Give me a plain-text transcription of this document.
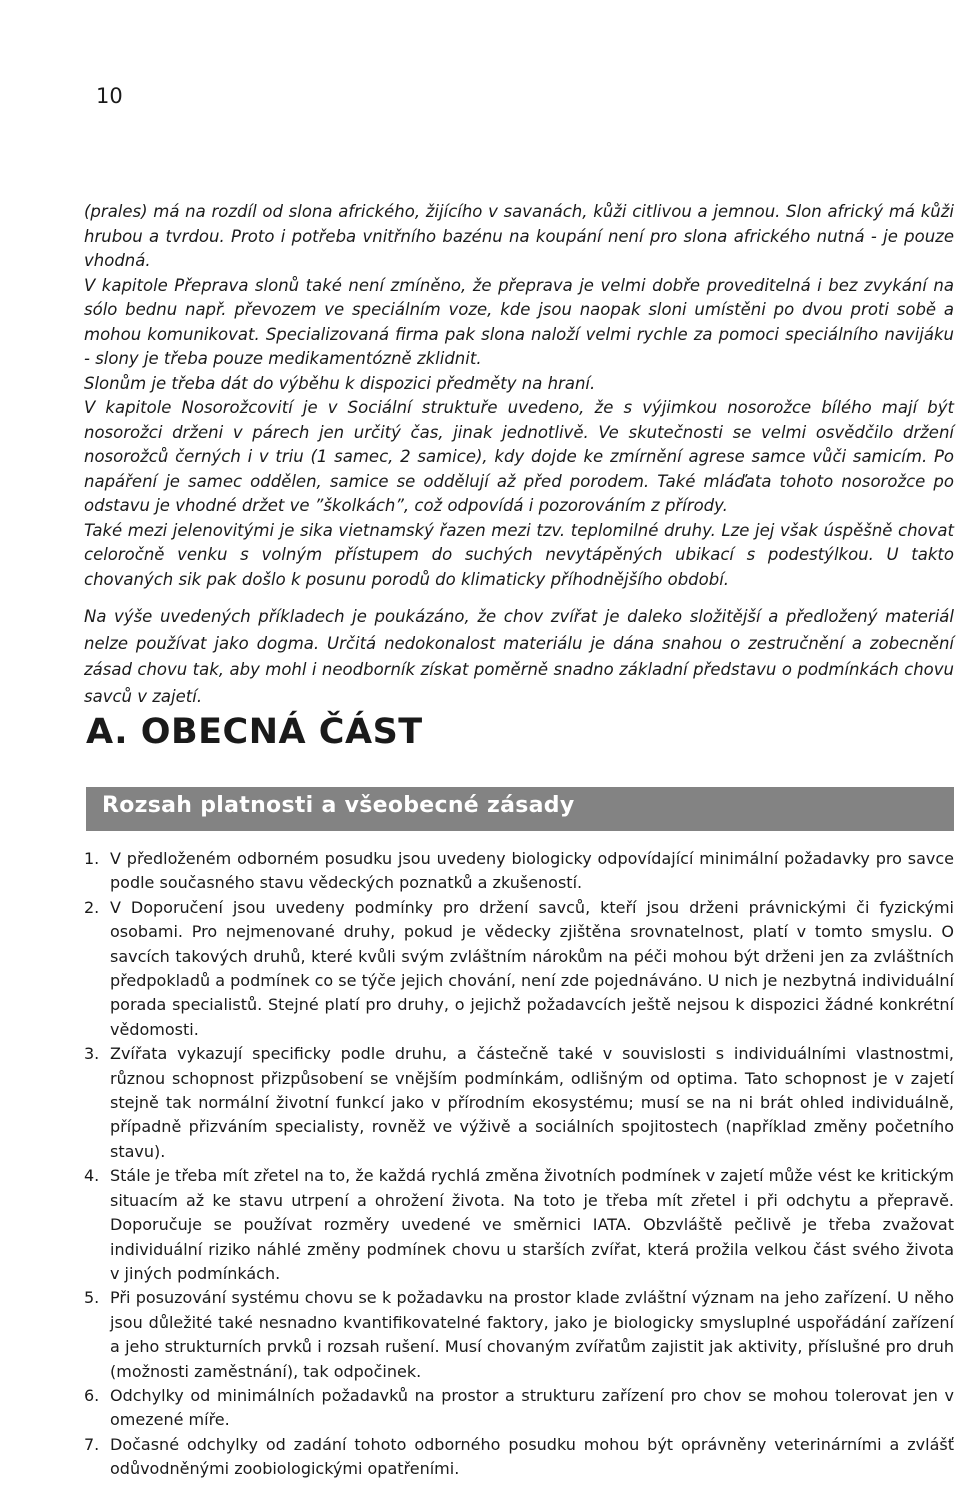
10

(prales) má na rozdíl od slona afrického, žijícího v savanách, kůži citlivou a jemnou. Slon africký má kůži hrubou a tvrdou. Proto i potřeba vnitřního bazénu na koupání není pro slona afrického nutná - je pouze vhodná.

V kapitole Přeprava slonů také není zmíněno, že přeprava je velmi dobře proveditelná i bez zvykání na sólo bednu např. převozem ve speciálním voze, kde jsou naopak sloni umístěni po dvou proti sobě a mohou komunikovat. Specializovaná firma pak slona naloží velmi rychle za pomoci speciálního navijáku - slony je třeba pouze medikamentózně zklidnit.

Slonům je třeba dát do výběhu k dispozici předměty na hraní.

V kapitole Nosorožcovití je v Sociální struktuře uvedeno, že s výjimkou nosorožce bílého mají být nosorožci drženi v párech jen určitý čas, jinak jednotlivě. Ve skutečnosti se velmi osvědčilo držení nosorožců černých i v triu (1 samec, 2 samice), kdy dojde ke zmírnění agrese samce vůči samicím. Po napáření je samec oddělen, samice se oddělují až před porodem. Také mláďata tohoto nosorožce po odstavu je vhodné držet ve ”školkách”, což odpovídá i pozorováním z přírody.

Také mezi jelenovitými je sika vietnamský řazen mezi tzv. teplomilné druhy. Lze jej však úspěšně chovat celoročně venku s volným přístupem do suchých nevytápěných ubikací s podestýlkou. U takto chovaných sik pak došlo k posunu porodů do klimaticky příhodnějšího období.

Na výše uvedených příkladech je poukázáno, že chov zvířat je daleko složitější a předložený materiál nelze používat jako dogma. Určitá nedokonalost materiálu je dána snahou o zestručnění a zobecnění zásad chovu tak, aby mohl i neodborník získat poměrně snadno základní představu o podmínkách chovu savců v zajetí.

A. OBECNÁ ČÁST
Rozsah platnosti a všeobecné zásady
1. V předloženém odborném posudku jsou uvedeny biologicky odpovídající minimální požadavky pro savce podle současného stavu vědeckých poznatků a zkušeností.
2. V Doporučení jsou uvedeny podmínky pro držení savců, kteří jsou drženi právnickými či fyzickými osobami. Pro nejmenované druhy, pokud je vědecky zjištěna srovnatelnost, platí v tomto smyslu. O savcích takových druhů, které kvůli svým zvláštním nárokům na péči mohou být drženi jen za zvláštních předpokladů a podmínek co se týče jejich chování, není zde pojednáváno. U nich je nezbytná individuální porada specialistů. Stejné platí pro druhy, o jejichž požadavcích ještě nejsou k dispozici žádné konkrétní vědomosti.
3. Zvířata vykazují specificky podle druhu, a částečně také v souvislosti s individuálními vlastnostmi, různou schopnost přizpůsobení se vnějším podmínkám, odlišným od optima. Tato schopnost je v zajetí stejně tak normální životní funkcí jako v přírodním ekosystému; musí se na ni brát ohled individuálně, případně přizváním specialisty, rovněž ve výživě a sociálních spojitostech (například změny početního stavu).
4. Stále je třeba mít zřetel na to, že každá rychlá změna životních podmínek v zajetí může vést ke kritickým situacím až ke stavu utrpení a ohrožení života. Na toto je třeba mít zřetel i při odchytu a přepravě. Doporučuje se používat rozměry uvedené ve směrnici IATA. Obzvláště pečlivě je třeba zvažovat individuální riziko náhlé změny podmínek chovu u starších zvířat, která prožila velkou část svého života v jiných podmínkách.
5. Při posuzování systému chovu se k požadavku na prostor klade zvláštní význam na jeho zařízení. U něho jsou důležité také nesnadno kvantifikovatelné faktory, jako je biologicky smysluplné uspořádání zařízení a jeho strukturních prvků i rozsah rušení. Musí chovaným zvířatům zajistit jak aktivity, příslušné pro druh (možnosti zaměstnání), tak odpočinek.
6. Odchylky od minimálních požadavků na prostor a strukturu zařízení pro chov se mohou tolerovat jen v omezené míře.
7. Dočasné odchylky od zadání tohoto odborného posudku mohou být oprávněny veterinárními a zvlášť odůvodněnými zoobiologickými opatřeními.
